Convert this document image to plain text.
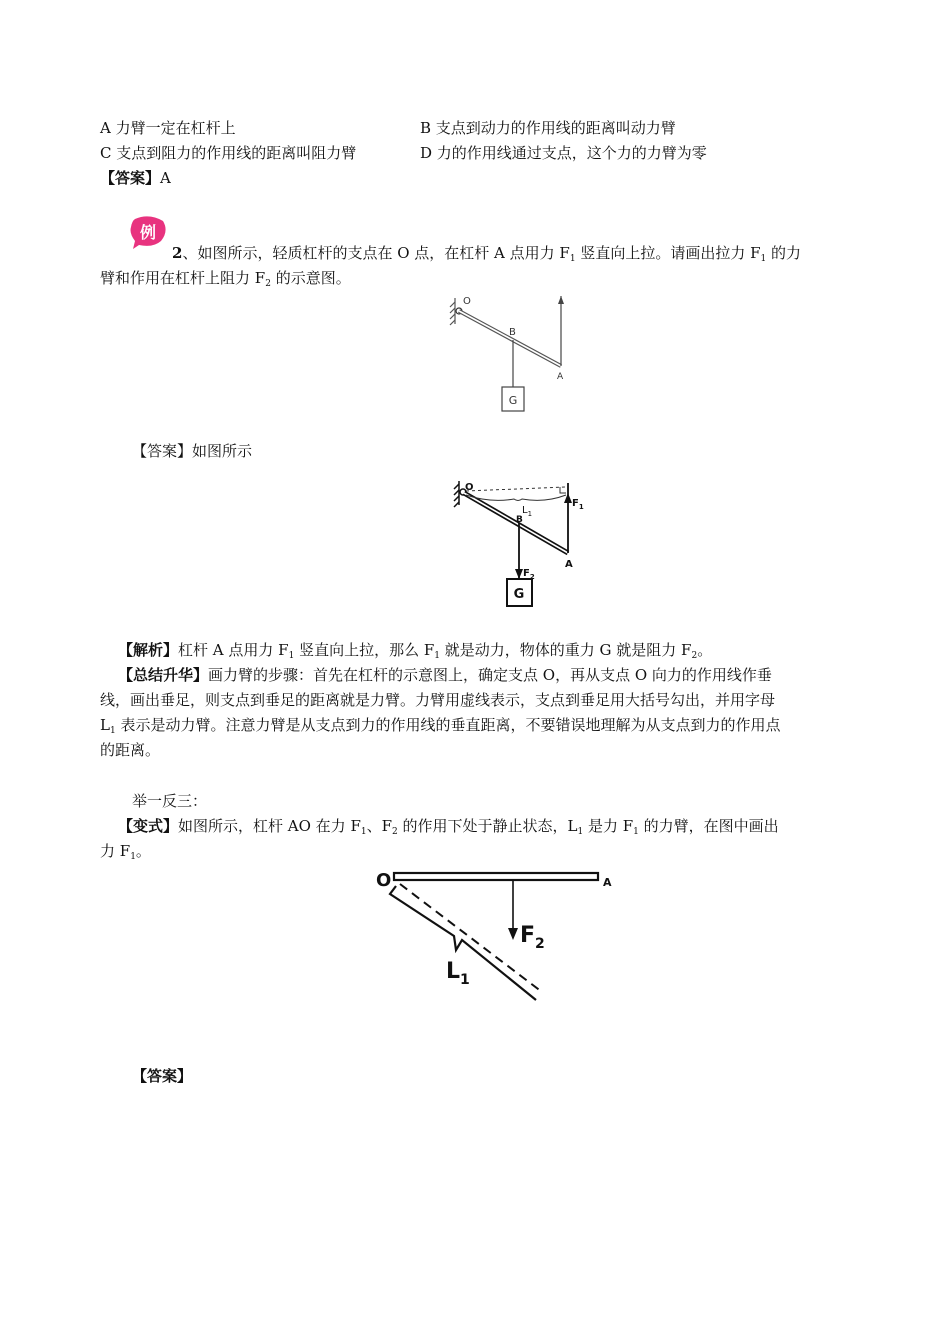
A 力臂一定在杠杆上	B 支点到动力的作用线的距离叫动力臂
C 支点到阻力的作用线的距离叫阻力臂	D 力的作用线通过支点，这个力的力臂为零
【答案】A
例
2、如图所示，轻质杠杆的支点在 O 点，在杠杆 A 点用力 $F_1$ 竖直向上拉。请画出拉力 $F_1$ 的力
臂和作用在杠杆上阻力 $F_2$ 的示意图。
O
B
A
G
【答案】如图所示
O
$L_1$
B
$F_1$
$F_2$
A
G
【解析】杠杆 A 点用力 $F_1$ 竖直向上拉，那么 $F_1$ 就是动力，物体的重力 G 就是阻力 $F_2$。
【总结升华】画力臂的步骤：首先在杠杆的示意图上，确定支点 O，再从支点 O 向力的作用线作垂
线，画出垂足，则支点到垂足的距离就是力臂。力臂用虚线表示，支点到垂足用大括号勾出，并用字母
$L_1$ 表示是动力臂。注意力臂是从支点到力的作用线的垂直距离，不要错误地理解为从支点到力的作用点
的距离。
举一反三：
【变式】如图所示，杠杆 AO 在力 $F_1$、$F_2$ 的作用下处于静止状态，$L_1$ 是力 $F_1$ 的力臂，在图中画出
力 $F_1$。
O	A
$F_2$
$L_1$
【答案】
